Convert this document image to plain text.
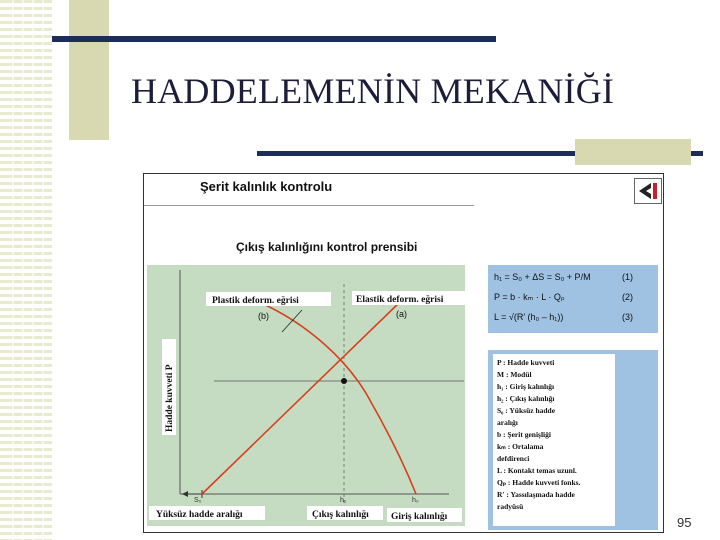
HADDELEMENİN MEKANİĞİ
Şerit kalınlık kontrolu
Çıkış kalınlığını kontrol prensibi
Plastik deform. eğrisi
(b)
Elastik deform. eğrisi
(a)
Hadde kuvveti P
S₀	h₁	h₀
Yüksüz hadde aralığı	Çıkış kalınlığı Giriş kalınlığı
h₁ = S₀ + ΔS = S₀ + P/M	(1)
P = b · kₘ · L · Qₚ	(2)
L = √(R′ (h₀ – h₁))	(3)
P : Hadde kuvveti
M : Modül
h₁ : Giriş kalınlığı
h₂ : Çıkış kalınlığı
S₀ : Yüksüz hadde
aralığı
b : Şerit genişliği
kₘ : Ortalama
defdirenci
L : Kontakt temas uzunl.
Qₚ : Hadde kuvveti fonks.
R′ : Yassılaşmada hadde
radyüsü
95
